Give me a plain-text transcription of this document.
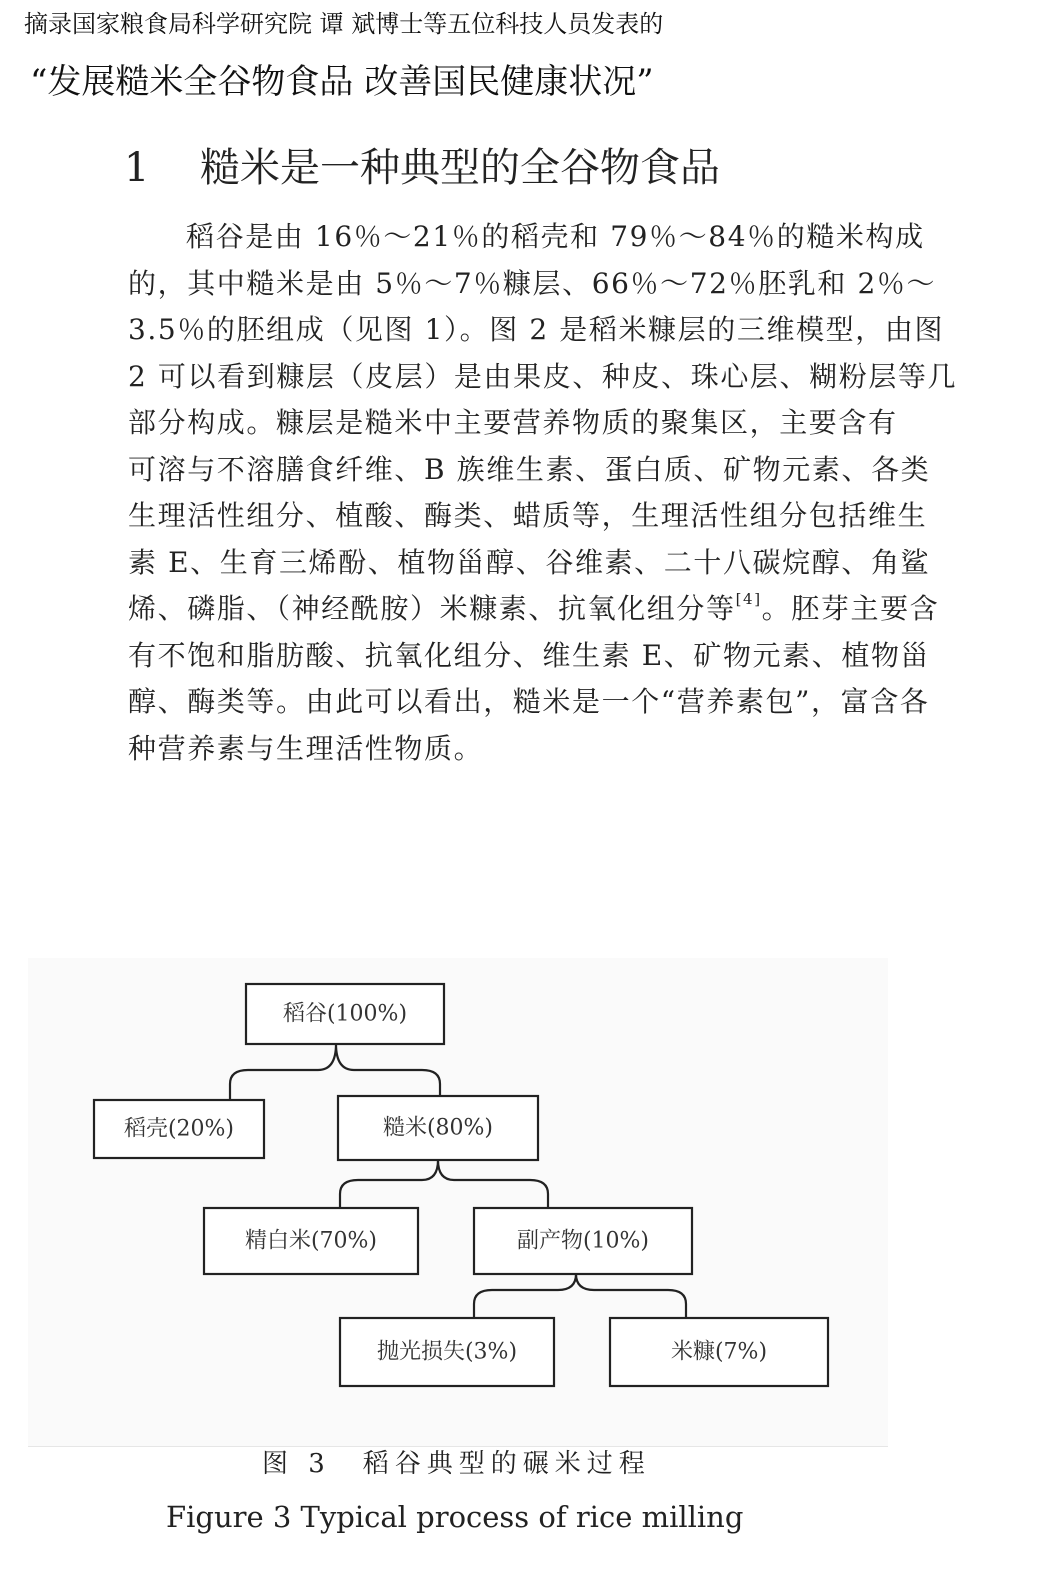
摘录国家粮食局科学研究院 谭 斌博士等五位科技人员发表的
“发展糙米全谷物食品 改善国民健康状况”
1 糙米是一种典型的全谷物食品
稻谷是由 16％～21％的稻壳和 79％～84％的糙米构成
的，其中糙米是由 5％～7％糠层、66％～72％胚乳和 2％～
3.5％的胚组成（见图 1）。图 2 是稻米糠层的三维模型，由图
2 可以看到糠层（皮层）是由果皮、种皮、珠心层、糊粉层等几
部分构成。糠层是糙米中主要营养物质的聚集区，主要含有
可溶与不溶膳食纤维、B 族维生素、蛋白质、矿物元素、各类
生理活性组分、植酸、酶类、蜡质等，生理活性组分包括维生
素 E、生育三烯酚、植物甾醇、谷维素、二十八碳烷醇、角鲨
烯、磷脂、（神经酰胺）米糠素、抗氧化组分等[4]。胚芽主要含
有不饱和脂肪酸、抗氧化组分、维生素 E、矿物元素、植物甾
醇、酶类等。由此可以看出，糙米是一个“营养素包”，富含各
种营养素与生理活性物质。
稻谷(100%)
稻壳(20%)	糙米(80%)
精白米(70%)	副产物(10%)
抛光损失(3%)	米糠(7%)
图 3　稻谷典型的碾米过程
Figure 3 Typical process of rice milling
